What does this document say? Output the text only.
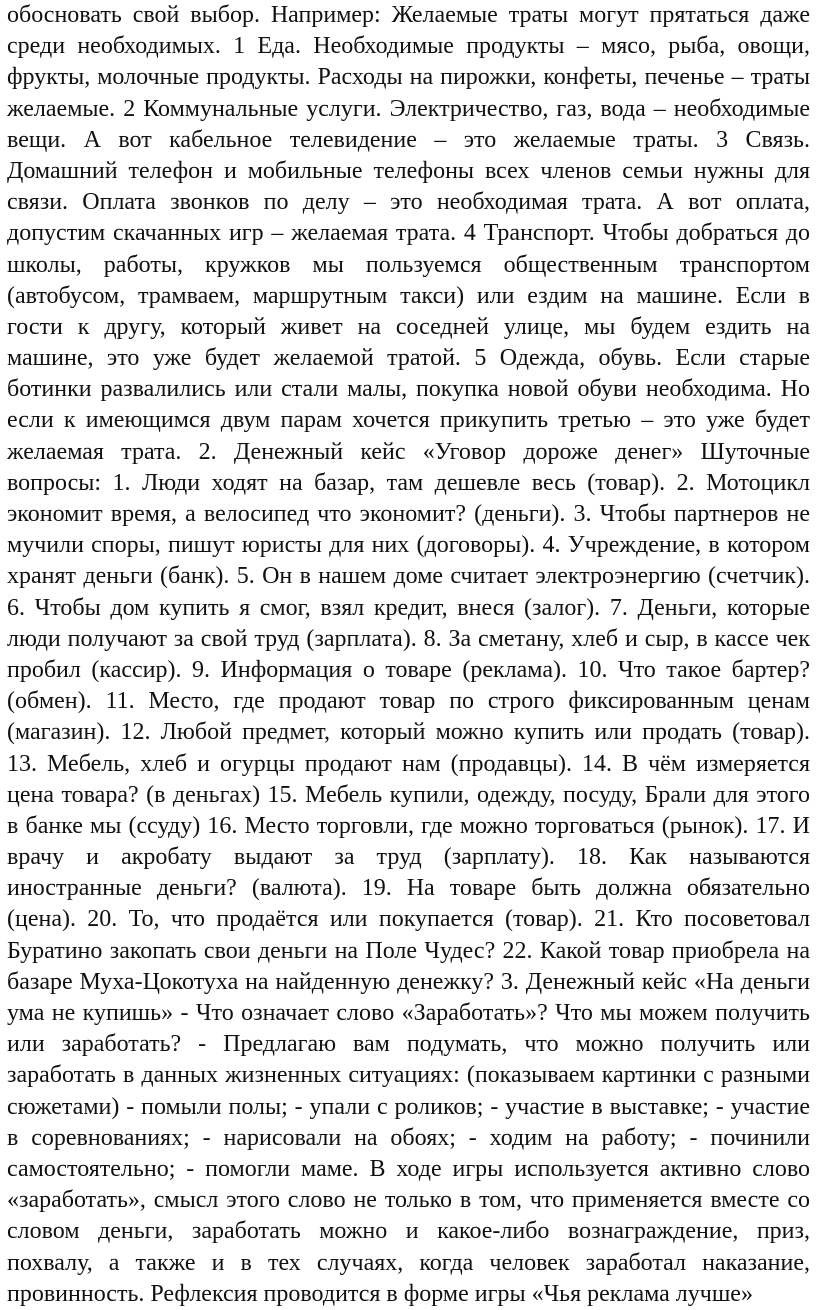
обосновать свой выбор. Например: Желаемые траты могут прятаться даже
среди необходимых. 1 Еда. Необходимые продукты – мясо, рыба, овощи,
фрукты, молочные продукты. Расходы на пирожки, конфеты, печенье – траты
желаемые. 2 Коммунальные услуги. Электричество, газ, вода – необходимые
вещи. А вот кабельное телевидение – это желаемые траты. 3 Связь.
Домашний телефон и мобильные телефоны всех членов семьи нужны для
связи. Оплата звонков по делу – это необходимая трата. А вот оплата,
допустим скачанных игр – желаемая трата. 4 Транспорт. Чтобы добраться до
школы, работы, кружков мы пользуемся общественным транспортом
(автобусом, трамваем, маршрутным такси) или ездим на машине. Если в
гости к другу, который живет на соседней улице, мы будем ездить на
машине, это уже будет желаемой тратой. 5 Одежда, обувь. Если старые
ботинки развалились или стали малы, покупка новой обуви необходима. Но
если к имеющимся двум парам хочется прикупить третью – это уже будет
желаемая трата. 2. Денежный кейс «Уговор дороже денег» Шуточные
вопросы: 1. Люди ходят на базар, там дешевле весь (товар). 2. Мотоцикл
экономит время, а велосипед что экономит? (деньги). 3. Чтобы партнеров не
мучили споры, пишут юристы для них (договоры). 4. Учреждение, в котором
хранят деньги (банк). 5. Он в нашем доме считает электроэнергию (счетчик).
6. Чтобы дом купить я смог, взял кредит, внеся (залог). 7. Деньги, которые
люди получают за свой труд (зарплата). 8. За сметану, хлеб и сыр, в кассе чек
пробил (кассир). 9. Информация о товаре (реклама). 10. Что такое бартер?
(обмен). 11. Место, где продают товар по строго фиксированным ценам
(магазин). 12. Любой предмет, который можно купить или продать (товар).
13. Мебель, хлеб и огурцы продают нам (продавцы). 14. В чём измеряется
цена товара? (в деньгах) 15. Мебель купили, одежду, посуду, Брали для этого
в банке мы (ссуду) 16. Место торговли, где можно торговаться (рынок). 17. И
врачу и акробату выдают за труд (зарплату). 18. Как называются
иностранные деньги? (валюта). 19. На товаре быть должна обязательно
(цена). 20. То, что продаётся или покупается (товар). 21. Кто посоветовал
Буратино закопать свои деньги на Поле Чудес? 22. Какой товар приобрела на
базаре Муха-Цокотуха на найденную денежку? 3. Денежный кейс «На деньги
ума не купишь» - Что означает слово «Заработать»? Что мы можем получить
или заработать? - Предлагаю вам подумать, что можно получить или
заработать в данных жизненных ситуациях: (показываем картинки с разными
сюжетами) - помыли полы; - упали с роликов; - участие в выставке; - участие
в соревнованиях; - нарисовали на обоях; - ходим на работу; - починили
самостоятельно; - помогли маме. В ходе игры используется активно слово
«заработать», смысл этого слово не только в том, что применяется вместе со
словом деньги, заработать можно и какое-либо вознаграждение, приз,
похвалу, а также и в тех случаях, когда человек заработал наказание,
провинность. Рефлексия проводится в форме игры «Чья реклама лучше»
